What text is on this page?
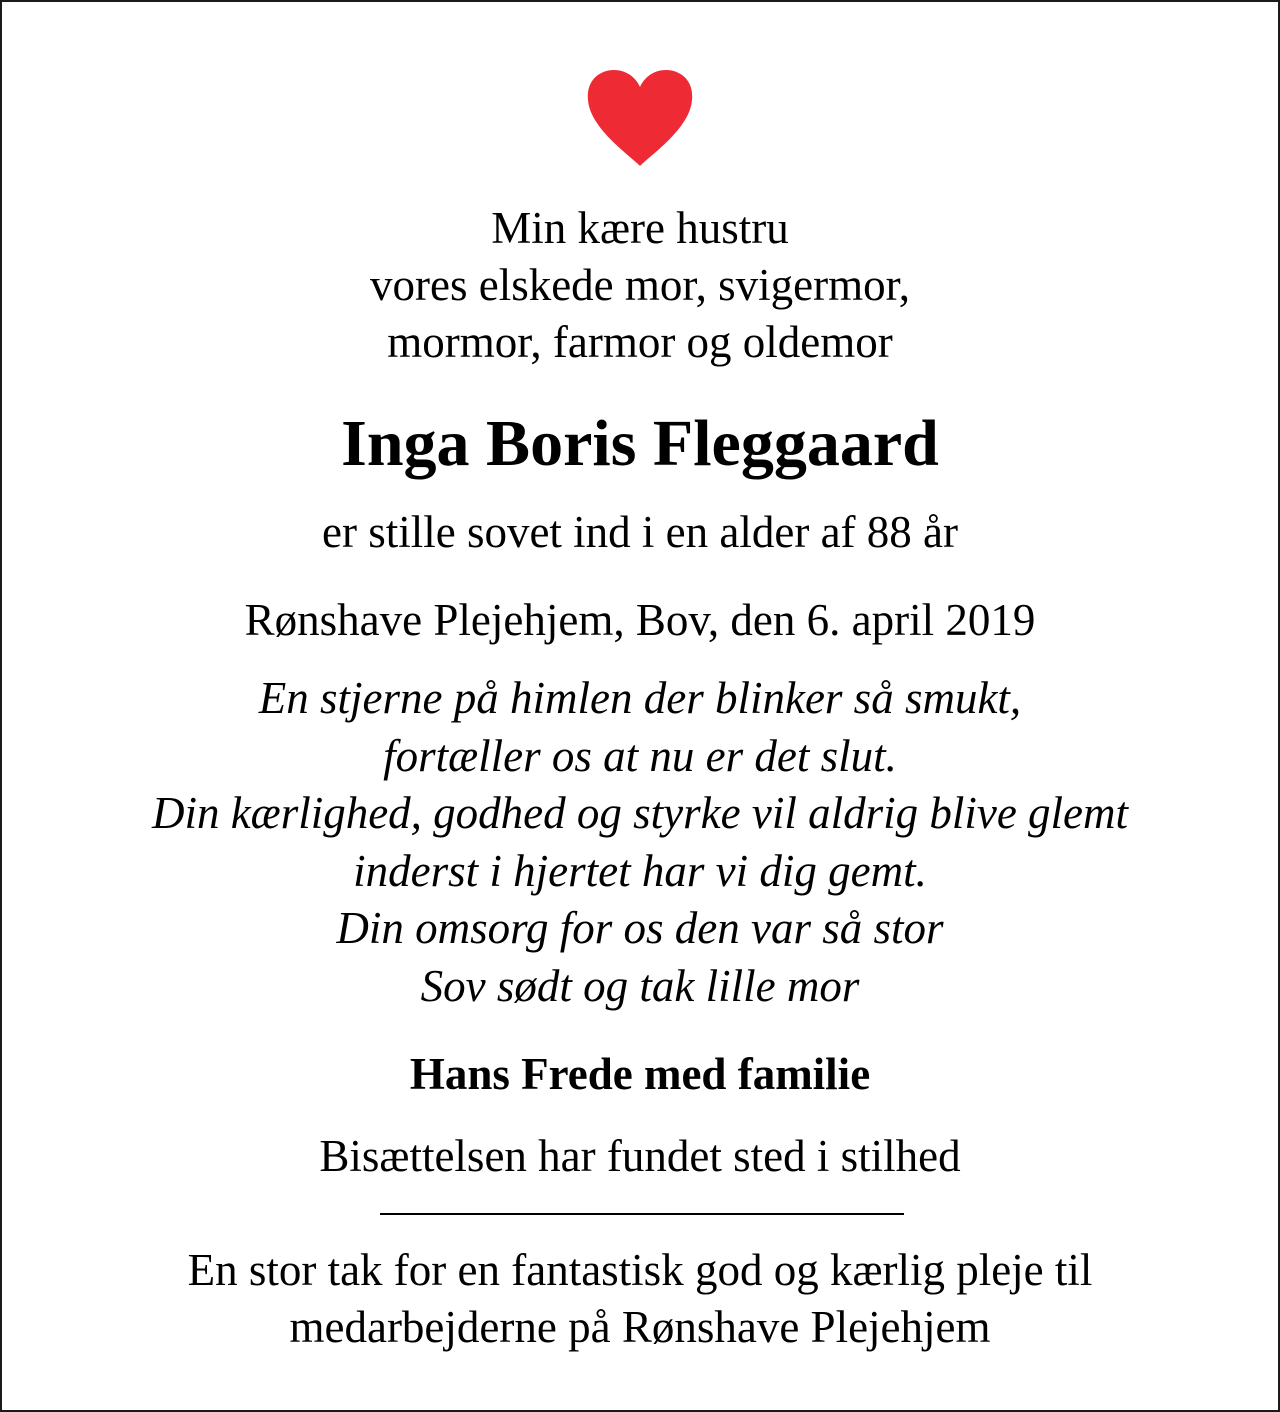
Min kære hustru
vores elskede mor, svigermor,
mormor, farmor og oldemor

Inga Boris Fleggaard

er stille sovet ind i en alder af 88 år

Rønshave Plejehjem, Bov, den 6. april 2019

En stjerne på himlen der blinker så smukt,
fortæller os at nu er det slut.
Din kærlighed, godhed og styrke vil aldrig blive glemt
inderst i hjertet har vi dig gemt.
Din omsorg for os den var så stor
Sov sødt og tak lille mor

Hans Frede med familie

Bisættelsen har fundet sted i stilhed

En stor tak for en fantastisk god og kærlig pleje til
medarbejderne på Rønshave Plejehjem
